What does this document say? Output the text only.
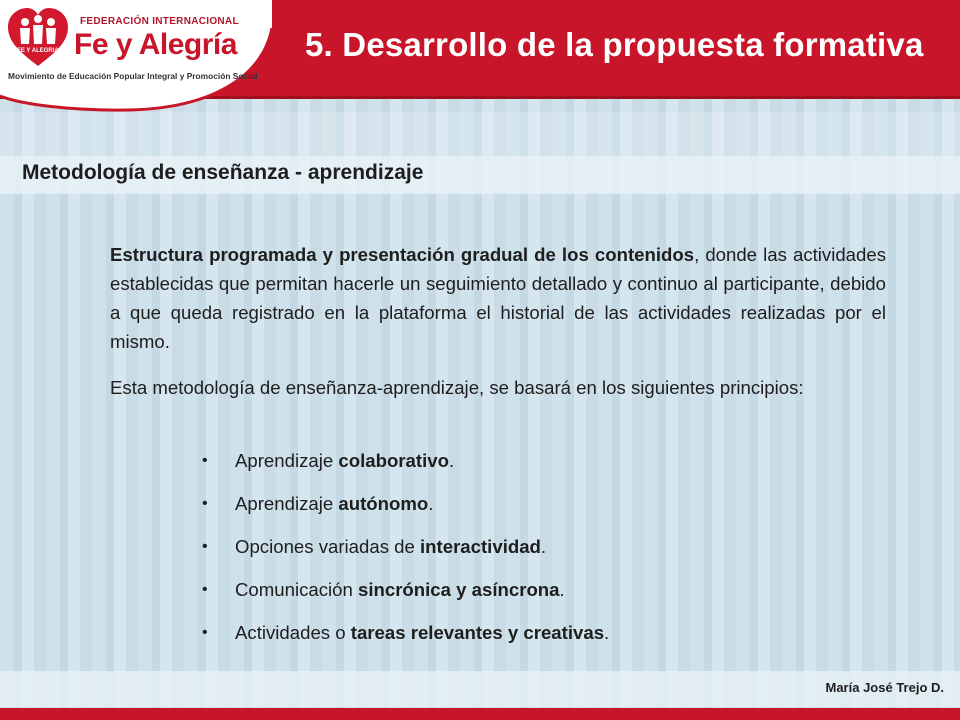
FE Y ALEGRIA
FEDERACIÓN INTERNACIONAL
Fe y Alegría
Movimiento de Educación Popular Integral y Promoción Social
5. Desarrollo de la propuesta formativa
Metodología de enseñanza - aprendizaje
Estructura programada y presentación gradual de los contenidos, donde las actividades establecidas que permitan hacerle un seguimiento detallado y continuo al participante, debido a que queda registrado en la plataforma el historial de las actividades realizadas por el mismo.
Esta metodología de enseñanza-aprendizaje, se basará en los siguientes principios:
• Aprendizaje colaborativo.
• Aprendizaje autónomo.
• Opciones variadas de interactividad.
• Comunicación sincrónica y asíncrona.
• Actividades o tareas relevantes y creativas.
María José Trejo D.
